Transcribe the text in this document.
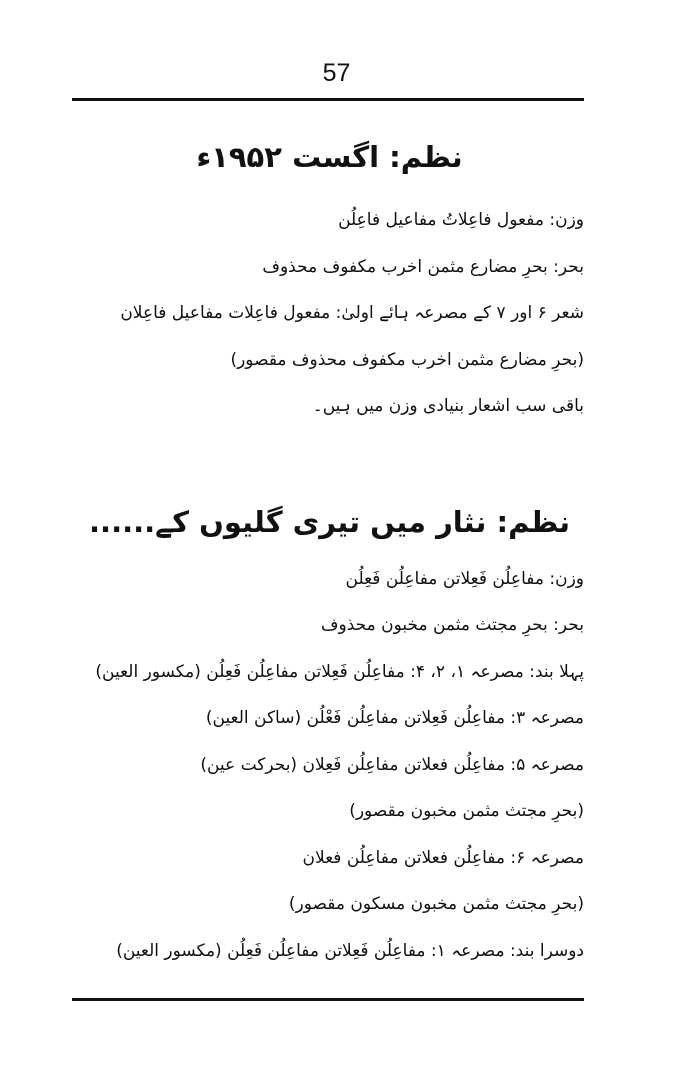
57
نظم: اگست ۱۹۵۲ء
وزن: مفعول فاعِلاتُ مفاعیل فاعِلُن
بحر: بحرِ مضارع مثمن اخرب مکفوف محذوف
شعر ۶ اور ۷ کے مصرعہ ہائے اولیٰ: مفعول فاعِلات مفاعیل فاعِلان
(بحرِ مضارع مثمن اخرب مکفوف محذوف مقصور)
باقی سب اشعار بنیادی وزن میں ہیں۔
نظم: نثار میں تیری گلیوں کے......
وزن: مفاعِلُن فَعِلاتن مفاعِلُن فَعِلُن
بحر: بحرِ مجتث مثمن مخبون محذوف
پہلا بند: مصرعہ ۱، ۲، ۴: مفاعِلُن فَعِلاتن مفاعِلُن فَعِلُن (مکسور العین)
مصرعہ ۳: مفاعِلُن فَعِلاتن مفاعِلُن فَعْلُن (ساکن العین)
مصرعہ ۵: مفاعِلُن فعلاتن مفاعِلُن فَعِلان (بحرکت عین)
(بحرِ مجتث مثمن مخبون مقصور)
مصرعہ ۶: مفاعِلُن فعلاتن مفاعِلُن فعلان
(بحرِ مجتث مثمن مخبون مسکون مقصور)
دوسرا بند: مصرعہ ۱: مفاعِلُن فَعِلاتن مفاعِلُن فَعِلُن (مکسور العین)
